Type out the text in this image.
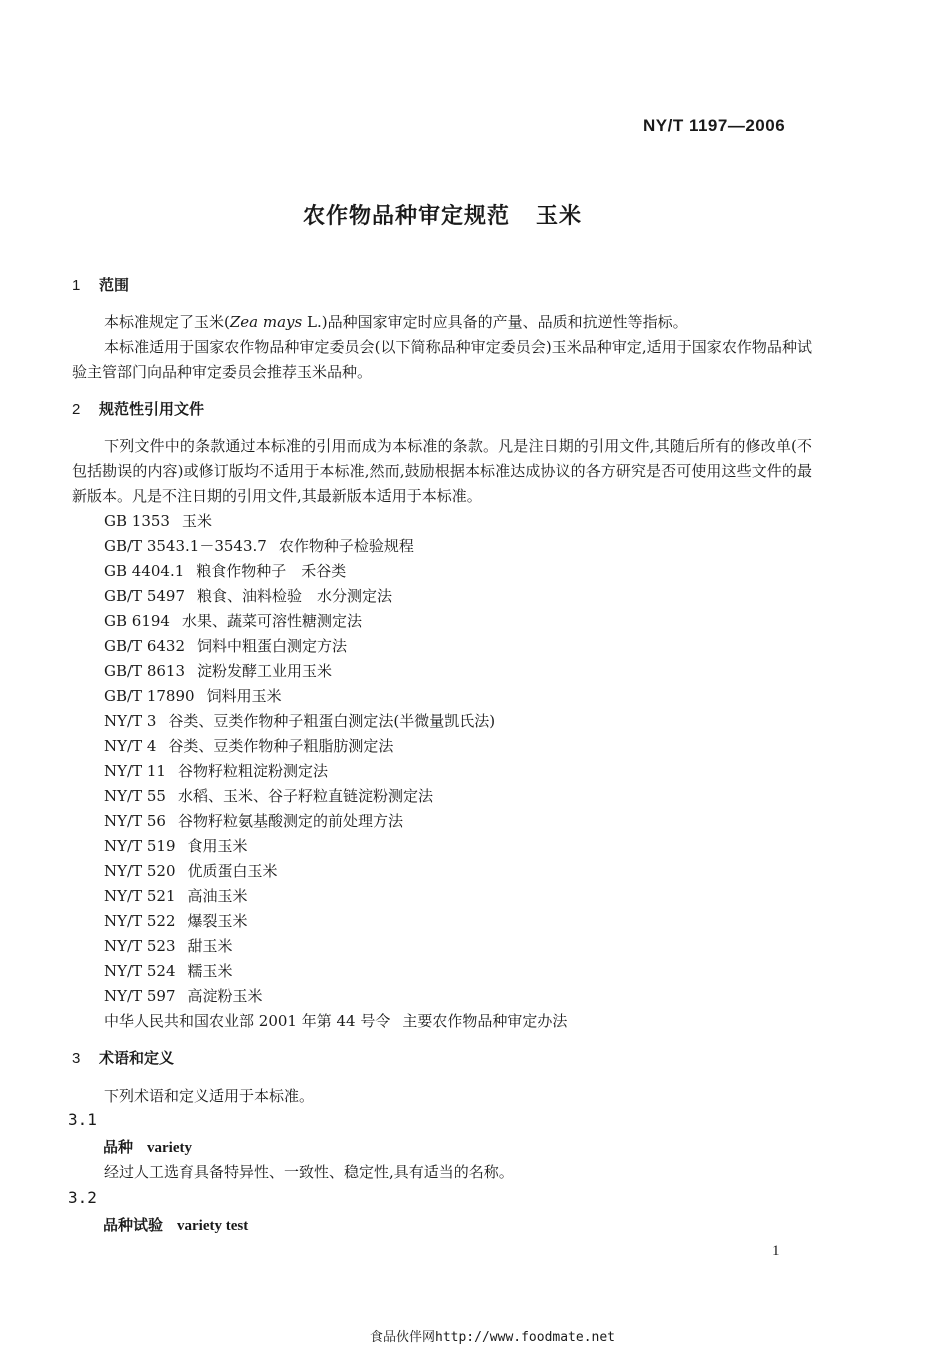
NY/T 1197—2006
农作物品种审定规范 玉米
1 范围
本标准规定了玉米(Zea mays L.)品种国家审定时应具备的产量、品质和抗逆性等指标。
本标准适用于国家农作物品种审定委员会(以下简称品种审定委员会)玉米品种审定,适用于国家农作物品种试验主管部门向品种审定委员会推荐玉米品种。
2 规范性引用文件
下列文件中的条款通过本标准的引用而成为本标准的条款。凡是注日期的引用文件,其随后所有的修改单(不包括勘误的内容)或修订版均不适用于本标准,然而,鼓励根据本标准达成协议的各方研究是否可使用这些文件的最新版本。凡是不注日期的引用文件,其最新版本适用于本标准。
GB 1353 玉米
GB/T 3543.1－3543.7 农作物种子检验规程
GB 4404.1 粮食作物种子　禾谷类
GB/T 5497 粮食、油料检验　水分测定法
GB 6194 水果、蔬菜可溶性糖测定法
GB/T 6432 饲料中粗蛋白测定方法
GB/T 8613 淀粉发酵工业用玉米
GB/T 17890 饲料用玉米
NY/T 3 谷类、豆类作物种子粗蛋白测定法(半微量凯氏法)
NY/T 4 谷类、豆类作物种子粗脂肪测定法
NY/T 11 谷物籽粒粗淀粉测定法
NY/T 55 水稻、玉米、谷子籽粒直链淀粉测定法
NY/T 56 谷物籽粒氨基酸测定的前处理方法
NY/T 519 食用玉米
NY/T 520 优质蛋白玉米
NY/T 521 高油玉米
NY/T 522 爆裂玉米
NY/T 523 甜玉米
NY/T 524 糯玉米
NY/T 597 高淀粉玉米
中华人民共和国农业部 2001 年第 44 号令 主要农作物品种审定办法
3 术语和定义
下列术语和定义适用于本标准。
3.1
品种 variety
经过人工选育具备特异性、一致性、稳定性,具有适当的名称。
3.2
品种试验 variety test
1
食品伙伴网http://www.foodmate.net
